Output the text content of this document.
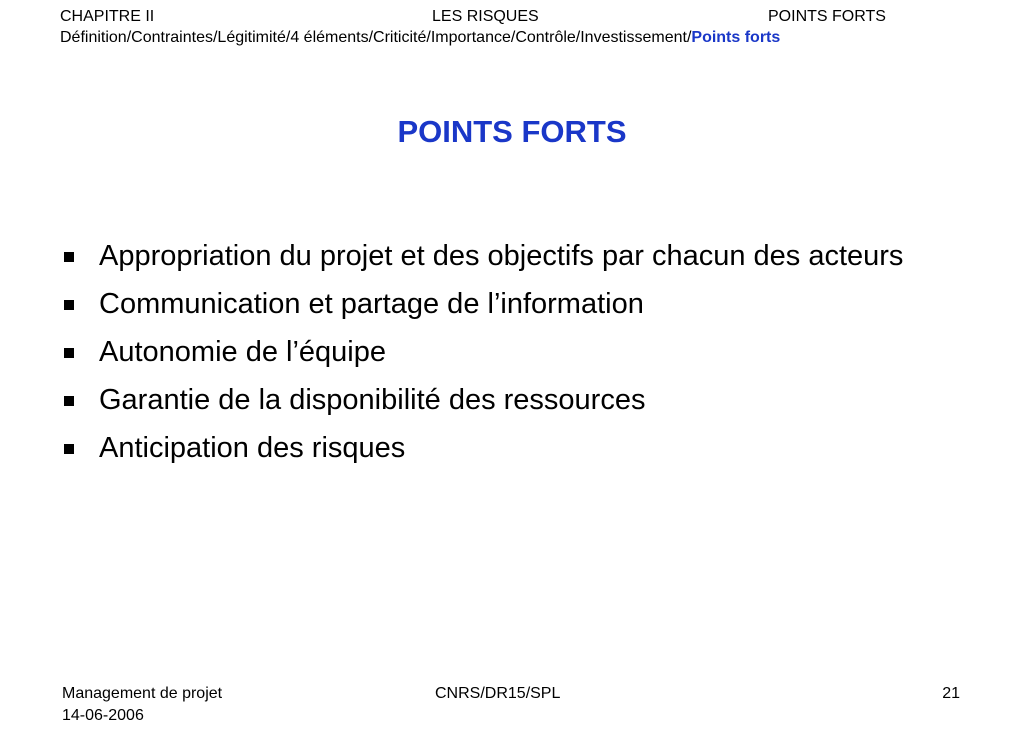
CHAPITRE II	LES RISQUES	POINTS FORTS
Définition/Contraintes/Légitimité/4 éléments/Criticité/Importance/Contrôle/Investissement/Points forts
POINTS FORTS
Appropriation du projet et des objectifs par chacun des acteurs
Communication et partage de l’information
Autonomie de l’équipe
Garantie de la disponibilité des ressources
Anticipation des risques
Management de projet
14-06-2006
CNRS/DR15/SPL	21
